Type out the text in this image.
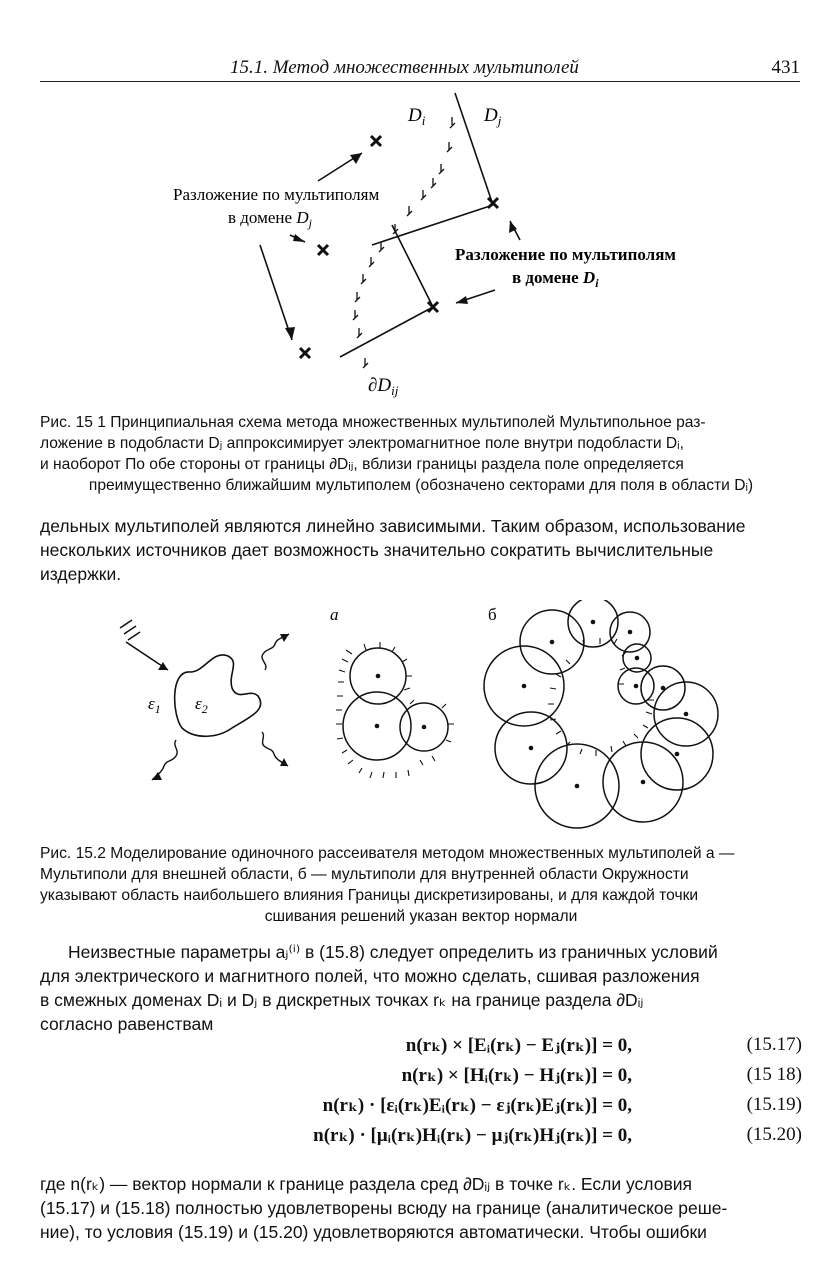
15.1. Метод множественных мультиполей	431
$D_i$	$D_j$
$\partial D_{ij}$
Разложение по мультиполям
в домене $D_j$
Разложение по мультиполям
в домене $D_i$
Рис. 15 1 Принципиальная схема метода множественных мультиполей Мультипольное раз-
ложение в подобласти Dⱼ аппроксимирует электромагнитное поле внутри подобласти Dᵢ,
и наоборот По обе стороны от границы ∂Dᵢⱼ, вблизи границы раздела поле определяется
преимущественно ближайшим мультиполем (обозначено секторами для поля в области Dᵢ)
дельных мультиполей являются линейно зависимыми. Таким образом, использование
нескольких источников дает возможность значительно сократить вычислительные
издержки.
$\varepsilon_1$ $\varepsilon_2$
а	б
Рис. 15.2 Моделирование одиночного рассеивателя методом множественных мультиполей а —
Мультиполи для внешней области, б — мультиполи для внутренней области Окружности
указывают область наибольшего влияния Границы дискретизированы, и для каждой точки
сшивания решений указан вектор нормали
Неизвестные параметры aⱼ⁽ⁱ⁾ в (15.8) следует определить из граничных условий
для электрического и магнитного полей, что можно сделать, сшивая разложения
в смежных доменах Dᵢ и Dⱼ в дискретных точках rₖ на границе раздела ∂Dᵢⱼ
согласно равенствам
n(rₖ) × [Eᵢ(rₖ) − Eⱼ(rₖ)] = 0,	(15.17)
n(rₖ) × [Hᵢ(rₖ) − Hⱼ(rₖ)] = 0,	(15 18)
n(rₖ) · [εᵢ(rₖ)Eᵢ(rₖ) − εⱼ(rₖ)Eⱼ(rₖ)] = 0,	(15.19)
n(rₖ) · [μᵢ(rₖ)Hᵢ(rₖ) − μⱼ(rₖ)Hⱼ(rₖ)] = 0,	(15.20)
где n(rₖ) — вектор нормали к границе раздела сред ∂Dᵢⱼ в точке rₖ. Если условия
(15.17) и (15.18) полностью удовлетворены всюду на границе (аналитическое реше-
ние), то условия (15.19) и (15.20) удовлетворяются автоматически. Чтобы ошибки
